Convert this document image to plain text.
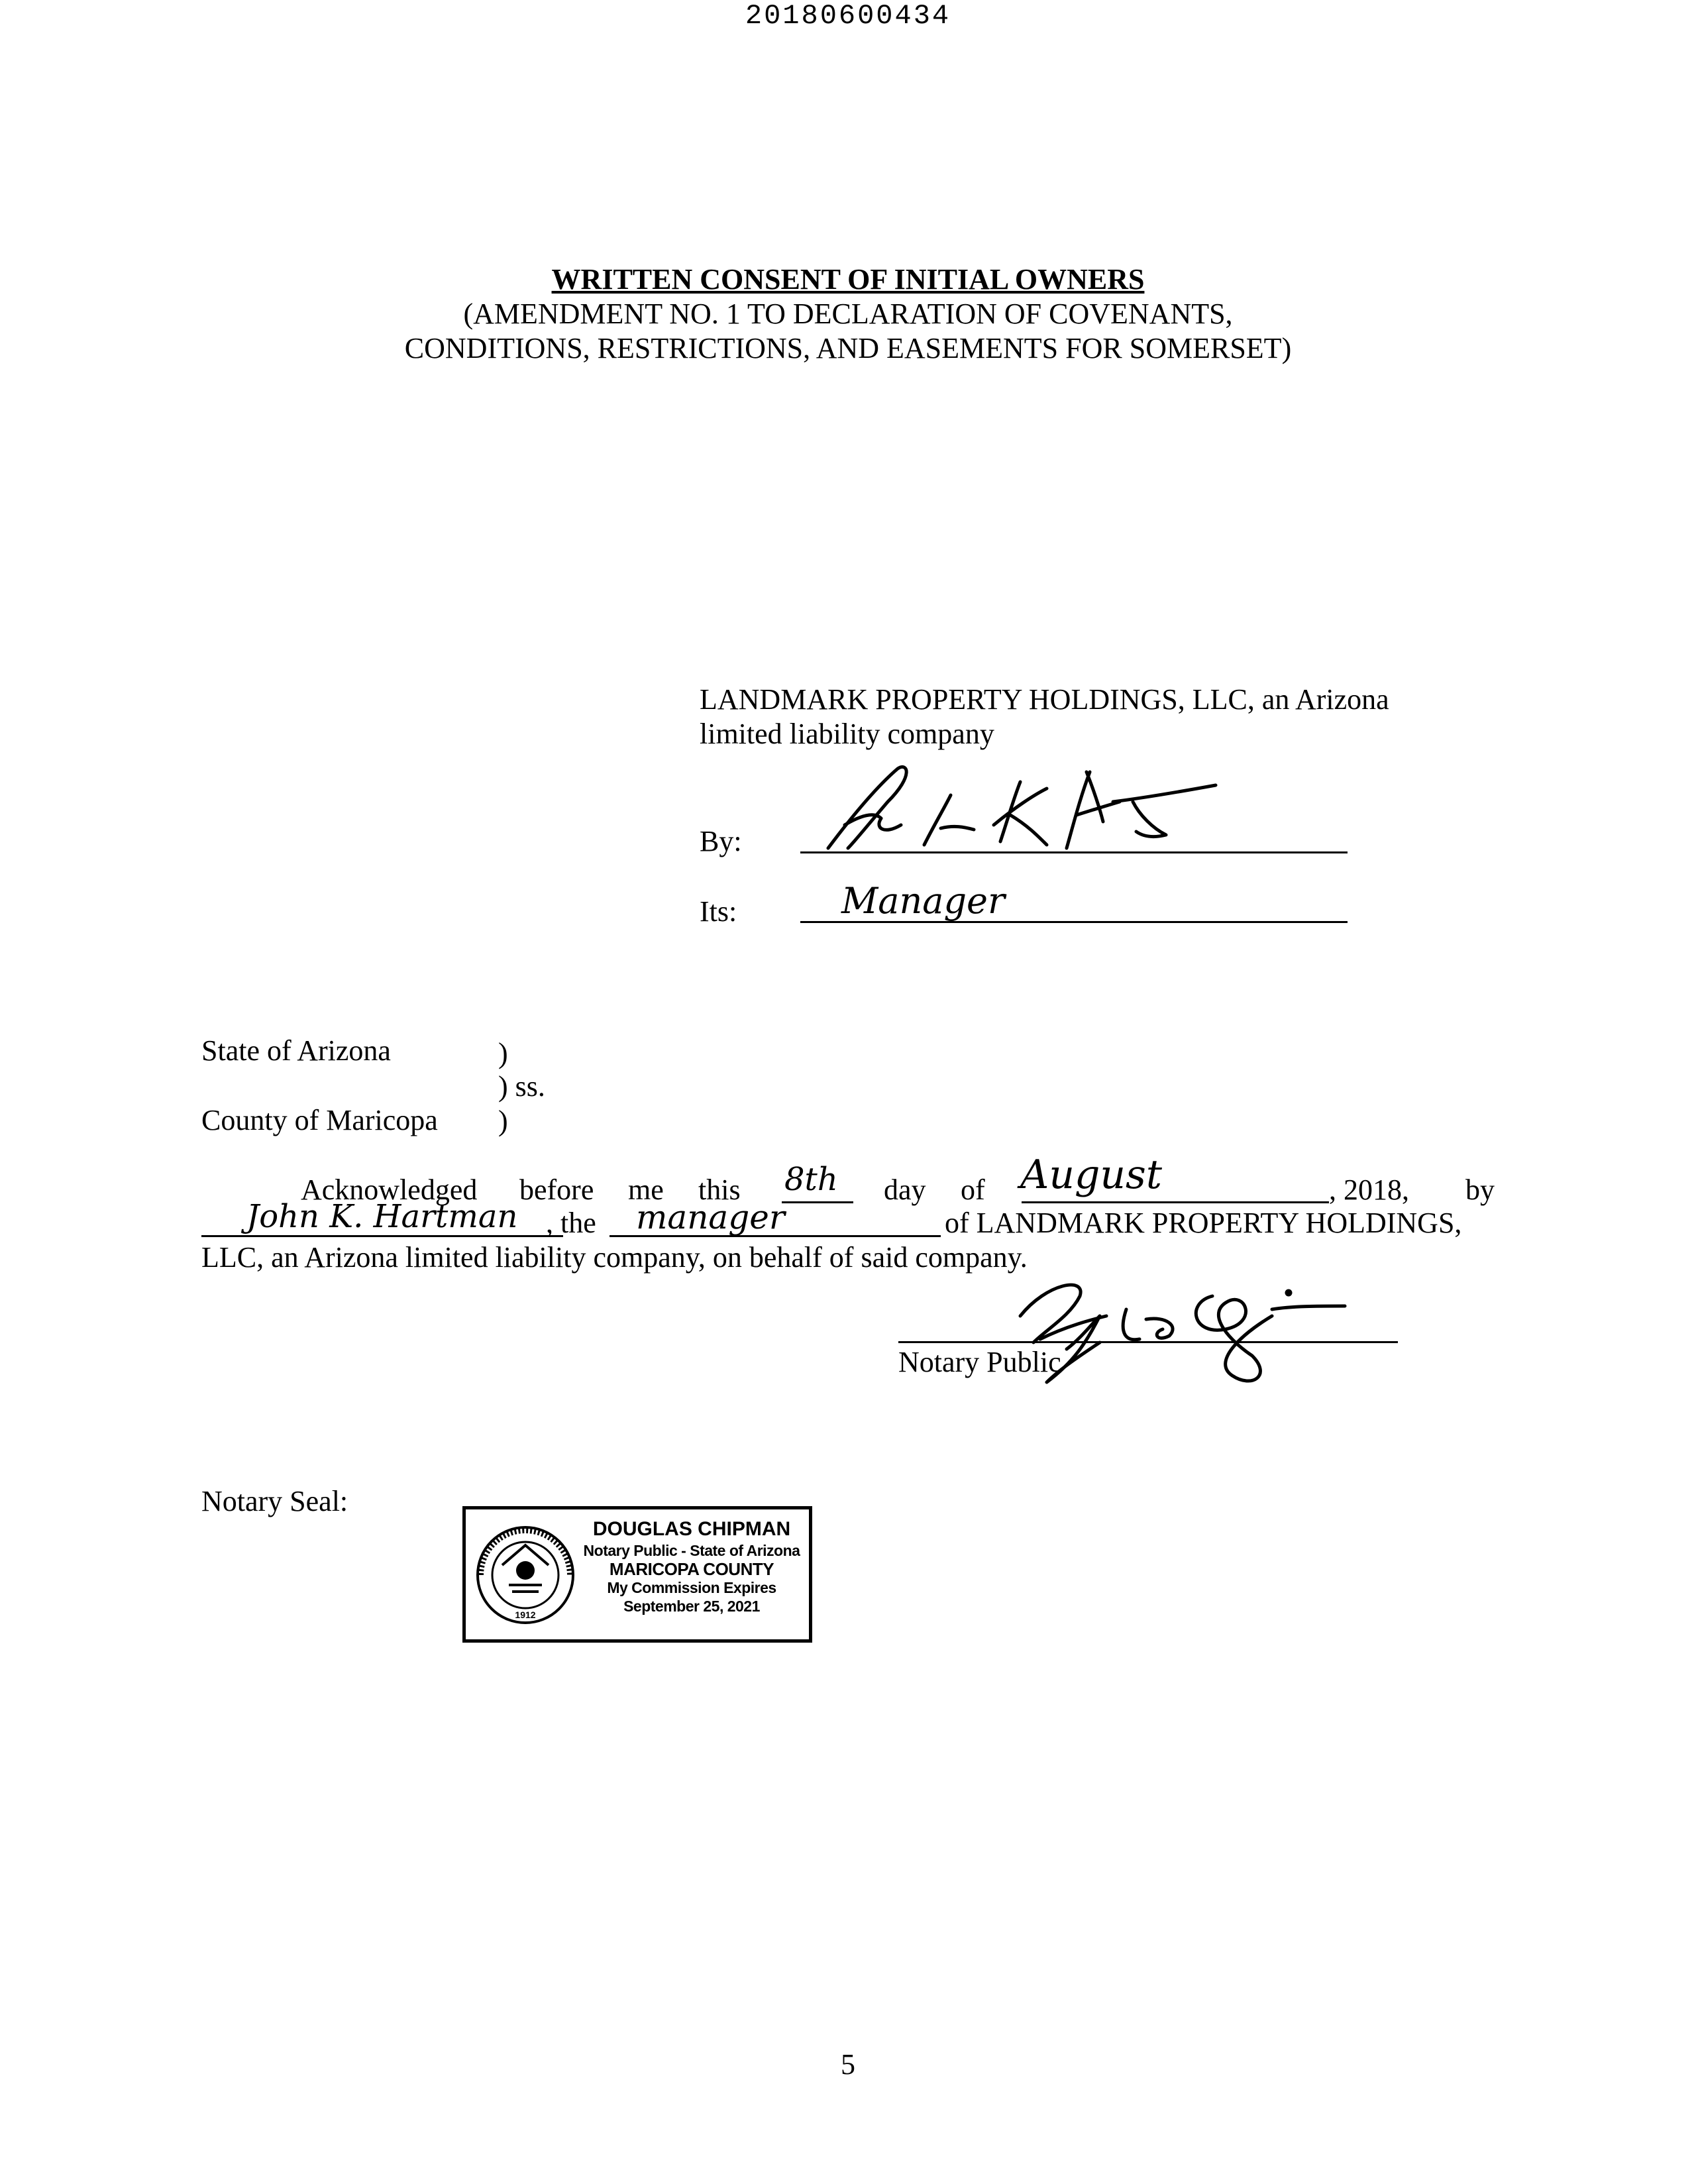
20180600434
WRITTEN CONSENT OF INITIAL OWNERS
(AMENDMENT NO. 1 TO DECLARATION OF COVENANTS,
CONDITIONS, RESTRICTIONS, AND EASEMENTS FOR SOMERSET)
LANDMARK PROPERTY HOLDINGS, LLC, an Arizona
limited liability company
By:
Its:	Manager
State of Arizona	)
) ss.
County of Maricopa )
Acknowledged before me this 8th day of August	, 2018, by
John K. Hartman , the manager	of LANDMARK PROPERTY HOLDINGS,
LLC, an Arizona limited liability company, on behalf of said company.
Notary Public
Notary Seal:
1912
DOUGLAS CHIPMAN
Notary Public - State of Arizona
MARICOPA COUNTY
My Commission Expires
September 25, 2021
5
